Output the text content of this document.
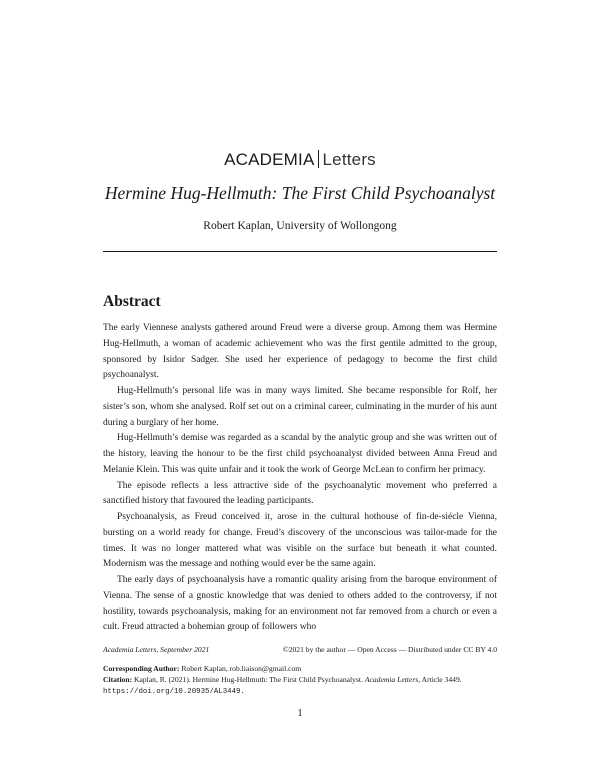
ACADEMIA Letters
Hermine Hug-Hellmuth: The First Child Psychoanalyst
Robert Kaplan, University of Wollongong
Abstract

The early Viennese analysts gathered around Freud were a diverse group. Among them was Hermine Hug-Hellmuth, a woman of academic achievement who was the first gentile admitted to the group, sponsored by Isidor Sadger. She used her experience of pedagogy to become the first child psychoanalyst.

Hug-Hellmuth’s personal life was in many ways limited. She became responsible for Rolf, her sister’s son, whom she analysed. Rolf set out on a criminal career, culminating in the murder of his aunt during a burglary of her home.

Hug-Hellmuth’s demise was regarded as a scandal by the analytic group and she was written out of the history, leaving the honour to be the first child psychoanalyst divided between Anna Freud and Melanie Klein. This was quite unfair and it took the work of George McLean to confirm her primacy.

The episode reflects a less attractive side of the psychoanalytic movement who preferred a sanctified history that favoured the leading participants.

Psychoanalysis, as Freud conceived it, arose in the cultural hothouse of fin-de-siécle Vienna, bursting on a world ready for change. Freud’s discovery of the unconscious was tailor-made for the times. It was no longer mattered what was visible on the surface but beneath it what counted. Modernism was the message and nothing would ever be the same again.

The early days of psychoanalysis have a romantic quality arising from the baroque environment of Vienna. The sense of a gnostic knowledge that was denied to others added to the controversy, if not hostility, towards psychoanalysis, making for an environment not far removed from a church or even a cult. Freud attracted a bohemian group of followers who

Academia Letters, September 2021	©2021 by the author — Open Access — Distributed under CC BY 4.0
Corresponding Author: Robert Kaplan, rob.liaison@gmail.com
Citation: Kaplan, R. (2021). Hermine Hug-Hellmuth: The First Child Psychoanalyst. Academia Letters, Article 3449. https://doi.org/10.20935/AL3449.
1
